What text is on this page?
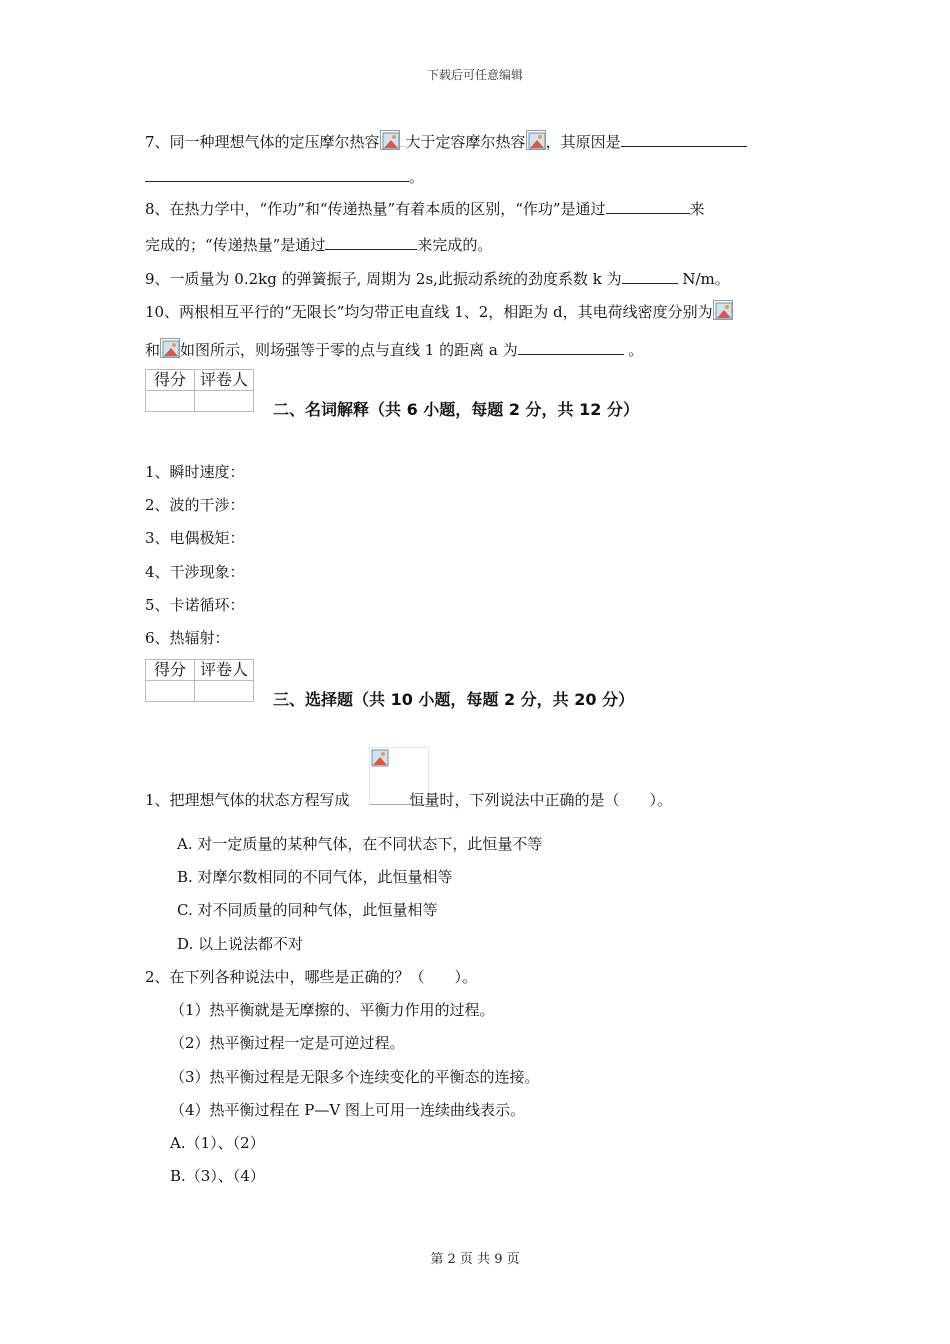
下载后可任意编辑
7、同一种理想气体的定压摩尔热容 大于定容摩尔热容 ，其原因是
。
8、在热力学中，“作功”和“传递热量”有着本质的区别，“作功”是通过	来
完成的；“传递热量”是通过	来完成的。
9、一质量为 0.2kg 的弹簧振子, 周期为 2s,此振动系统的劲度系数 k 为	N/m。
10、两根相互平行的“无限长”均匀带正电直线 1、2，相距为 d，其电荷线密度分别为
和 如图所示，则场强等于零的点与直线 1 的距离 a 为	。
得分	评卷人

二、名词解释（共 6 小题，每题 2 分，共 12 分）
1、瞬时速度：
2、波的干涉：
3、电偶极矩：
4、干涉现象：
5、卡诺循环：
6、热辐射：
得分	评卷人

三、选择题（共 10 小题，每题 2 分，共 20 分）
1、把理想气体的状态方程写成	恒量时，下列说法中正确的是（　　）。
A. 对一定质量的某种气体，在不同状态下，此恒量不等
B. 对摩尔数相同的不同气体，此恒量相等
C. 对不同质量的同种气体，此恒量相等
D. 以上说法都不对
2、在下列各种说法中，哪些是正确的？（　　）。
（1）热平衡就是无摩擦的、平衡力作用的过程。
（2）热平衡过程一定是可逆过程。
（3）热平衡过程是无限多个连续变化的平衡态的连接。
（4）热平衡过程在 P—V 图上可用一连续曲线表示。
A.（1）、（2）
B.（3）、（4）
第 2 页 共 9 页
